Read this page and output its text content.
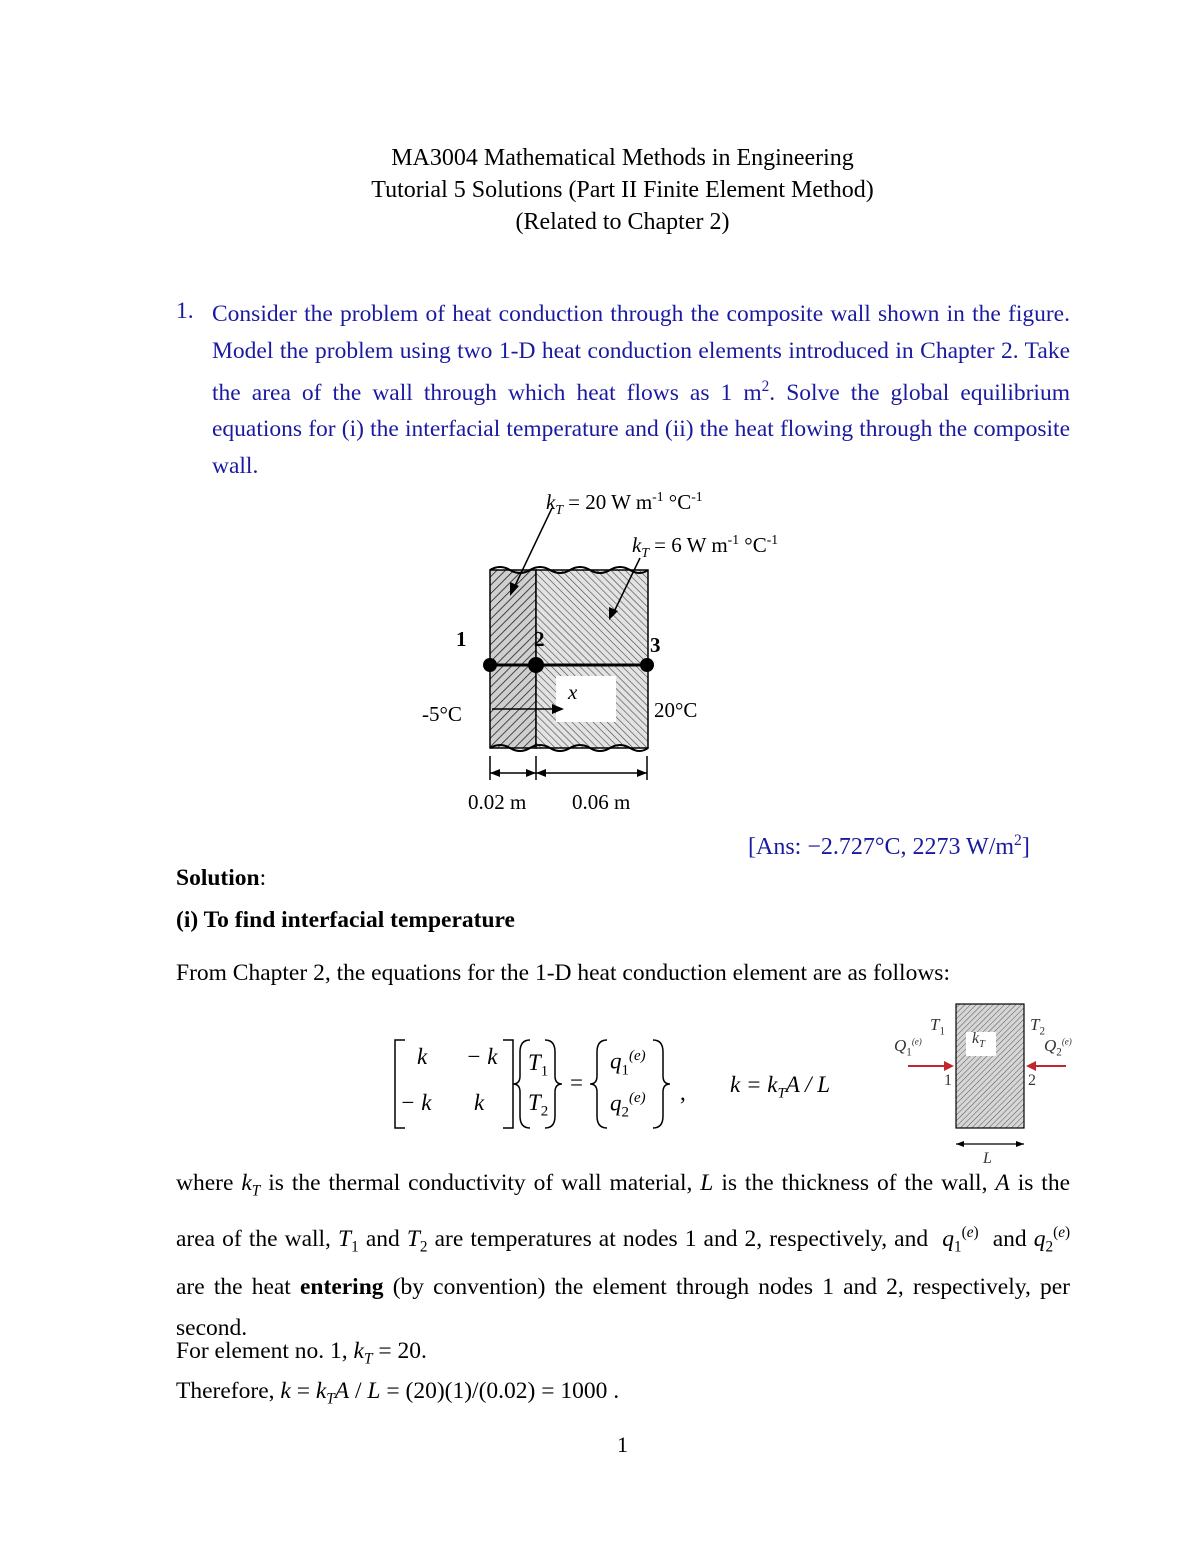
MA3004 Mathematical Methods in Engineering
Tutorial 5 Solutions (Part II Finite Element Method)
(Related to Chapter 2)
1. Consider the problem of heat conduction through the composite wall shown in the figure. Model the problem using two 1-D heat conduction elements introduced in Chapter 2. Take the area of the wall through which heat flows as 1 $m^2$. Solve the global equilibrium equations for (i) the interfacial temperature and (ii) the heat flowing through the composite wall.
$k_T = 20$ W $m^{-1}$ $^\circ C^{-1}$
$k_T = 6$ W $m^{-1}$ $^\circ C^{-1}$
1	2	3
x
-5°C	20°C
0.02 m 0.06 m
[Ans: −2.727°C, 2273 $W/m^2$]
Solution:
(i) To find interfacial temperature
From Chapter 2, the equations for the 1-D heat conduction element are as follows:
k − k
− k k
$T_1$
$T_2$
=
$q_1^{(e)}$
$q_2^{(e)}$ , $k = k_TA / L$
$T_1$	$T_2$
$k_T$
$Q_1^{(e)}$	$Q_2^{(e)}$
1	2
L
where $k_T$ is the thermal conductivity of wall material, L is the thickness of the wall, A is the area of the wall, $T_1$ and $T_2$ are temperatures at nodes 1 and 2, respectively, and $q_1^{(e)}$  and $q_2^{(e)}$ are the heat entering (by convention) the element through nodes 1 and 2, respectively, per second.
For element no. 1, $k_T = 20$.
Therefore, $k = k_TA / L = (20)(1)/(0.02) = 1000$ .
1
